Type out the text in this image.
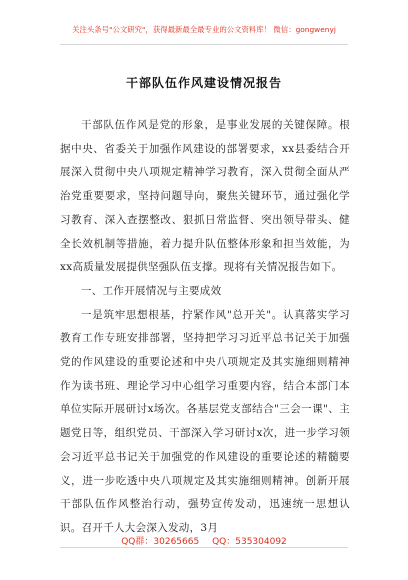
关注头条号"公文研究"，获得最新最全最专业的公文资料库！ 微信：gongwenyj
干部队伍作风建设情况报告

干部队伍作风是党的形象，是事业发展的关键保障。根据中央、省委关于加强作风建设的部署要求，xx县委结合开展深入贯彻中央八项规定精神学习教育，深入贯彻全面从严治党重要要求，坚持问题导向，聚焦关键环节，通过强化学习教育、深入查摆整改、狠抓日常监督、突出领导带头、健全长效机制等措施，着力提升队伍整体形象和担当效能，为xx高质量发展提供坚强队伍支撑。现将有关情况报告如下。

一、工作开展情况与主要成效

一是筑牢思想根基，拧紧作风"总开关"。认真落实学习教育工作专班安排部署，坚持把学习习近平总书记关于加强党的作风建设的重要论述和中央八项规定及其实施细则精神作为读书班、理论学习中心组学习重要内容，结合本部门本单位实际开展研讨x场次。各基层党支部结合"三会一课"、主题党日等，组织党员、干部深入学习研讨x次，进一步学习领会习近平总书记关于加强党的作风建设的重要论述的精髓要义，进一步吃透中央八项规定及其实施细则精神。创新开展干部队伍作风整治行动，强势宣传发动，迅速统一思想认识。召开千人大会深入发动，3月

QQ群：30265665 QQ：535304092
